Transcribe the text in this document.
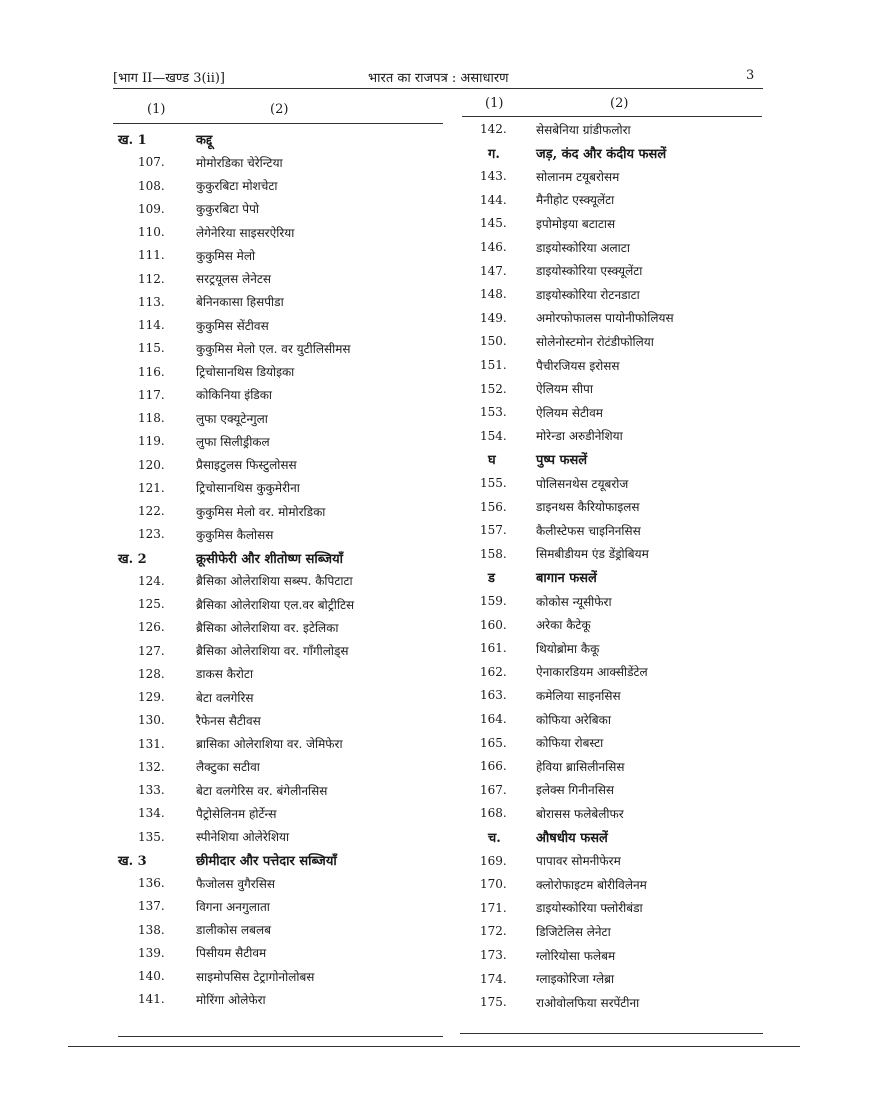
[भाग II—खण्ड 3(ii)]	भारत का राजपत्र : असाधारण	3
(1)	(2)	(1)	(2)
ख. 1	कद्दू
107.	मोमोरडिका चेरेन्टिया
108.	कुकुरबिटा मोशचेटा
109.	कुकुरबिटा पेपो
110.	लेगेनेरिया साइसरऐरिया
111.	कुकुमिस मेलो
112.	सरट्रयूलस लेनेटस
113.	बेनिनकासा हिसपीडा
114.	कुकुमिस सेंटीवस
115.	कुकुमिस मेलो एल. वर युटीलिसीमस
116.	ट्रिचोसानथिस डियोइका
117.	कोकिनिया इंडिका
118.	लुफा एक्यूटेन्गुला
119.	लुफा सिलीड्रीकल
120.	प्रैसाइटुलस फिस्टुलोसस
121.	ट्रिचोसानथिस कुकुमेरीना
122.	कुकुमिस मेलो वर. मोमोरडिका
123.	कुकुमिस कैलोसस
ख. 2	क्रूसीफेरी और शीतोष्ण सब्जियाँ
124.	ब्रैसिका ओलेराशिया सब्स्प. कैपिटाटा
125.	ब्रैसिका ओलेराशिया एल.वर बोट्रीटिस
126.	ब्रैसिका ओलेराशिया वर. इटेलिका
127.	ब्रैसिका ओलेराशिया वर. गॉंगीलोड्स
128.	डाकस कैरोटा
129.	बेटा वलगेरिस
130.	रैफेनस सैटीवस
131.	ब्रासिका ओलेराशिया वर. जेमिफेरा
132.	लैक्टुका सटीवा
133.	बेटा वलगेरिस वर. बंगेलीनसिस
134.	पैट्रोसेलिनम होर्टेन्स
135.	स्पीनेशिया ओलेरेशिया
ख. 3	छीमीदार और पत्तेदार सब्जियाँ
136.	फैजोलस वुगैरसिस
137.	विगना अनगुलाता
138.	डालीकोस लबलब
139.	पिसीयम सैटीवम
140.	साइमोपसिस टेट्रागोनोलोबस
141.	मोरिंगा ओलेफेरा
142.	सेसबेनिया ग्रांडीफलोरा
ग.	जड़, कंद और कंदीय फसलें
143.	सोलानम टयूबरोसम
144.	मैनीहोट एस्क्यूलेंटा
145.	इपोमोइया बटाटास
146.	डाइयोस्कोरिया अलाटा
147.	डाइयोस्कोरिया एस्क्यूलेंटा
148.	डाइयोस्कोरिया रोटनडाटा
149.	अमोरफोफालस पायोनीफोलियस
150.	सोलेनोस्टमोन रोटंडीफोलिया
151.	पैचीरजियस इरोसस
152.	ऐलियम सीपा
153.	ऐलियम सेटीवम
154.	मोरेन्डा अरुडीनेशिया
घ	पुष्प फसलें
155.	पोलिसनथेस टयूबरोज
156.	डाइनथस कैरियोफाइलस
157.	कैलीस्टेफस चाइनिनसिस
158.	सिमबीडीयम एंड डेंड्रोबियम
ड	बागान फसलें
159.	कोकोस न्यूसीफेरा
160.	अरेका कैटेकू
161.	थियोब्रोमा कैकू
162.	ऐनाकारडियम आक्सीडेंटेल
163.	कमेलिया साइनसिस
164.	कोफिया अरेबिका
165.	कोफिया रोबस्टा
166.	हेविया ब्रासिलीनसिस
167.	इलेक्स गिनीनसिस
168.	बोरासस फलेबेलीफर
च.	औषधीय फसलें
169.	पापावर सोमनीफेरम
170.	क्लोरोफाइटम बोरीविलेनम
171.	डाइयोस्कोरिया फ्लोरीबंडा
172.	डिजिटेलिस लेनेटा
173.	ग्लोरियोसा फलेबम
174.	ग्लाइकोरिजा ग्लेब्रा
175.	राओवोलफिया सरपेंटीना
